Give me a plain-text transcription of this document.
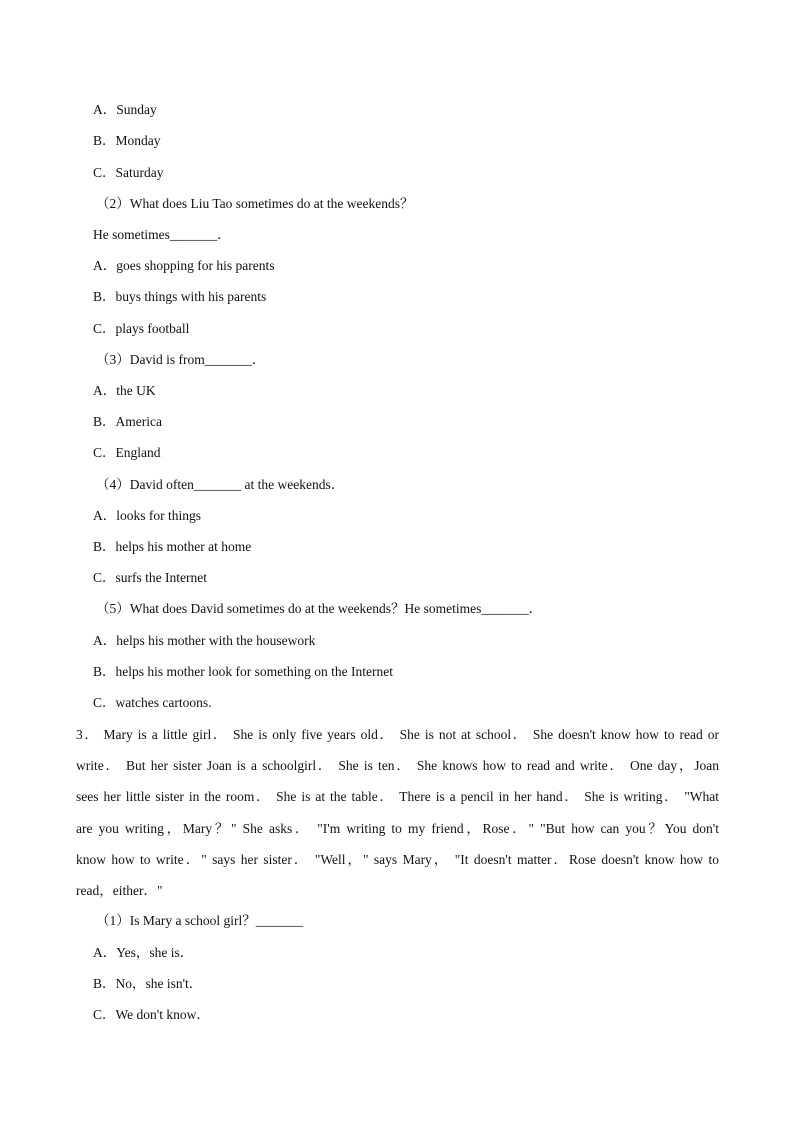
A．Sunday
B．Monday
C．Saturday
（2）What does Liu Tao sometimes do at the weekends？
He sometimes_______．
A．goes shopping for his parents
B．buys things with his parents
C．plays football
（3）David is from_______．
A．the UK
B．America
C．England
（4）David often_______ at the weekends．
A．looks for things
B．helps his mother at home
C．surfs the Internet
（5）What does David sometimes do at the weekends？He sometimes_______．
A．helps his mother with the housework
B．helps his mother look for something on the Internet
C．watches cartoons.
3． Mary is a little girl． She is only five years old． She is not at school． She doesn't know how to read or
write． But her sister Joan is a schoolgirl． She is ten． She knows how to read and write． One day，Joan
sees her little sister in the room． She is at the table． There is a pencil in her hand． She is writing． "What
are you writing，Mary？" She asks． "I'm writing to my friend，Rose．" "But how can you？You don't
know how to write．" says her sister． "Well，" says Mary， "It doesn't matter．Rose doesn't know how to
read，either．"
（1）Is Mary a school girl？_______
A．Yes，she is．
B．No，she isn't．
C．We don't know．
